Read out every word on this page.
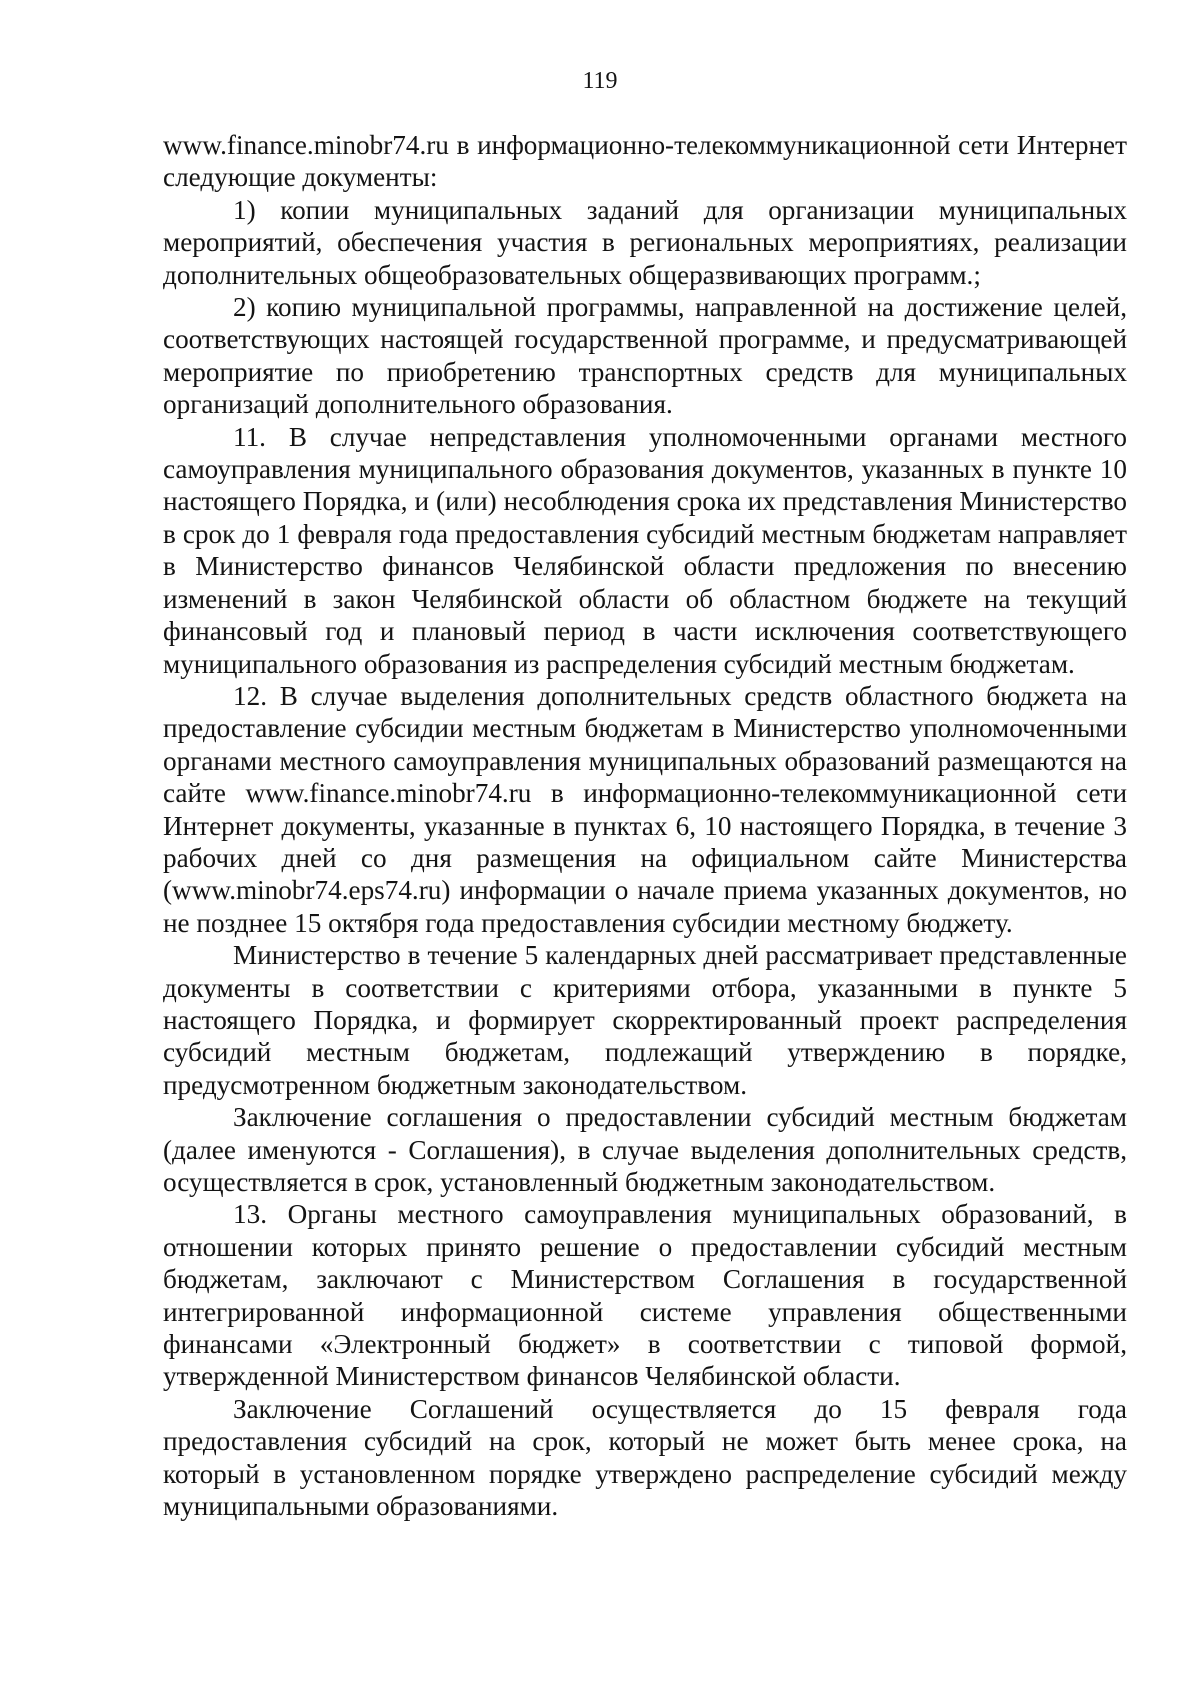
119

www.finance.minobr74.ru в информационно-телекоммуникационной сети Интернет следующие документы:

1) копии муниципальных заданий для организации муниципальных мероприятий, обеспечения участия в региональных мероприятиях, реализации дополнительных общеобразовательных общеразвивающих программ.;

2) копию муниципальной программы, направленной на достижение целей, соответствующих настоящей государственной программе, и предусматривающей мероприятие по приобретению транспортных средств для муниципальных организаций дополнительного образования.

11. В случае непредставления уполномоченными органами местного самоуправления муниципального образования документов, указанных в пункте 10 настоящего Порядка, и (или) несоблюдения срока их представления Министерство в срок до 1 февраля года предоставления субсидий местным бюджетам направляет в Министерство финансов Челябинской области предложения по внесению изменений в закон Челябинской области об областном бюджете на текущий финансовый год и плановый период в части исключения соответствующего муниципального образования из распределения субсидий местным бюджетам.

12. В случае выделения дополнительных средств областного бюджета на предоставление субсидии местным бюджетам в Министерство уполномоченными органами местного самоуправления муниципальных образований размещаются на сайте www.finance.minobr74.ru в информационно-телекоммуникационной сети Интернет документы, указанные в пунктах 6, 10 настоящего Порядка, в течение 3 рабочих дней со дня размещения на официальном сайте Министерства (www.minobr74.eps74.ru) информации о начале приема указанных документов, но не позднее 15 октября года предоставления субсидии местному бюджету.

Министерство в течение 5 календарных дней рассматривает представленные документы в соответствии с критериями отбора, указанными в пункте 5 настоящего Порядка, и формирует скорректированный проект распределения субсидий местным бюджетам, подлежащий утверждению в порядке, предусмотренном бюджетным законодательством.

Заключение соглашения о предоставлении субсидий местным бюджетам (далее именуются - Соглашения), в случае выделения дополнительных средств, осуществляется в срок, установленный бюджетным законодательством.

13. Органы местного самоуправления муниципальных образований, в отношении которых принято решение о предоставлении субсидий местным бюджетам, заключают с Министерством Соглашения в государственной интегрированной информационной системе управления общественными финансами «Электронный бюджет» в соответствии с типовой формой, утвержденной Министерством финансов Челябинской области.

Заключение Соглашений осуществляется до 15 февраля года предоставления субсидий на срок, который не может быть менее срока, на который в установленном порядке утверждено распределение субсидий между муниципальными образованиями.
